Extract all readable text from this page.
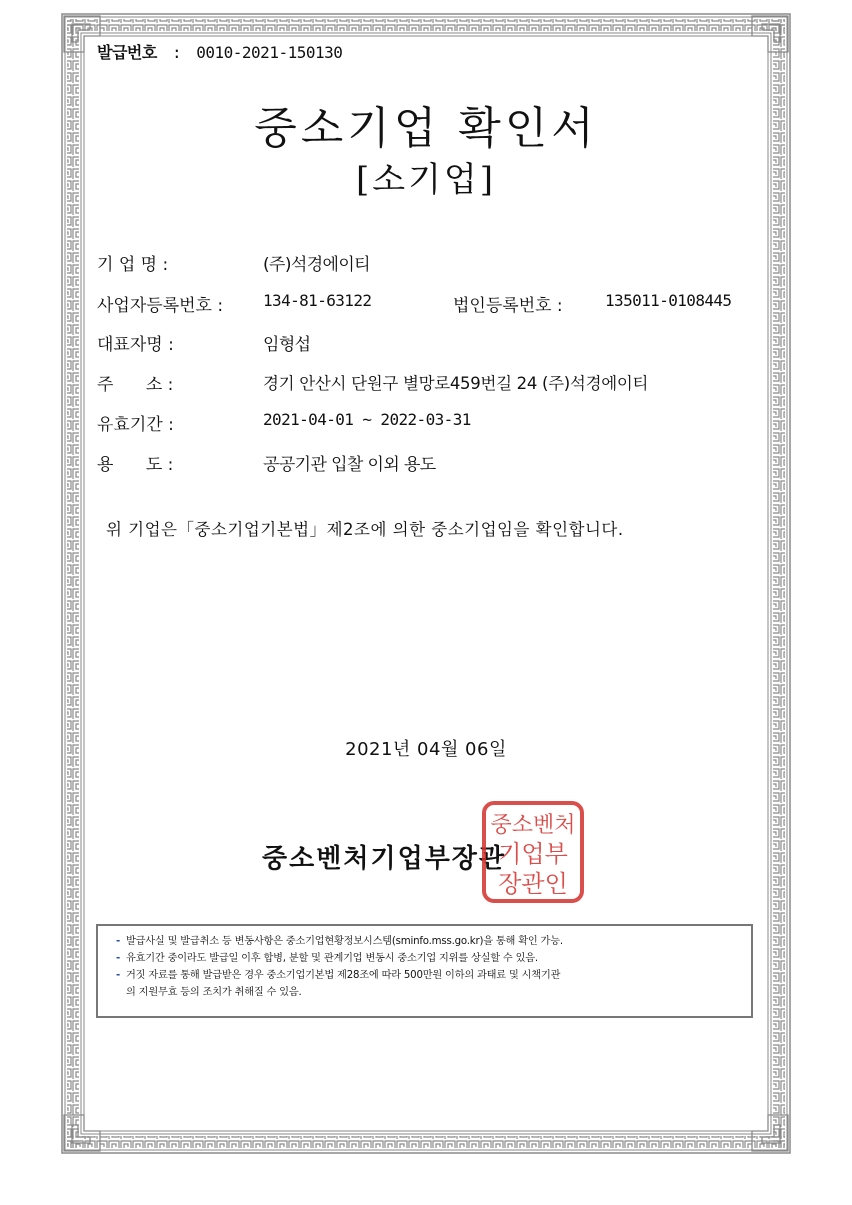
발급번호 : 0010-2021-150130
중소기업 확인서
[소기업]
기 업 명 :	(주)석경에이티
사업자등록번호 : 134-81-63122	법인등록번호 :	135011-0108445
대표자명 :	임형섭
주      소 :	경기 안산시 단원구 별망로459번길 24 (주)석경에이티
유효기간 :	2021-04-01 ~ 2022-03-31
용      도 :	공공기관 입찰 이외 용도
위 기업은「중소기업기본법」제2조에 의한 중소기업임을 확인합니다.
2021년 04월 06일
중소벤처기업부장관
중소벤처
기업부
장관인
- 발급사실 및 발급취소 등 변동사항은 중소기업현황정보시스템(sminfo.mss.go.kr)을 통해 확인 가능.
- 유효기간 중이라도 발급일 이후 합병, 분할 및 관계기업 변동시 중소기업 지위를 상실할 수 있음.
- 거짓 자료를 통해 발급받은 경우 중소기업기본법 제28조에 따라 500만원 이하의 과태료 및 시책기관
의 지원무효 등의 조치가 취해질 수 있음.
